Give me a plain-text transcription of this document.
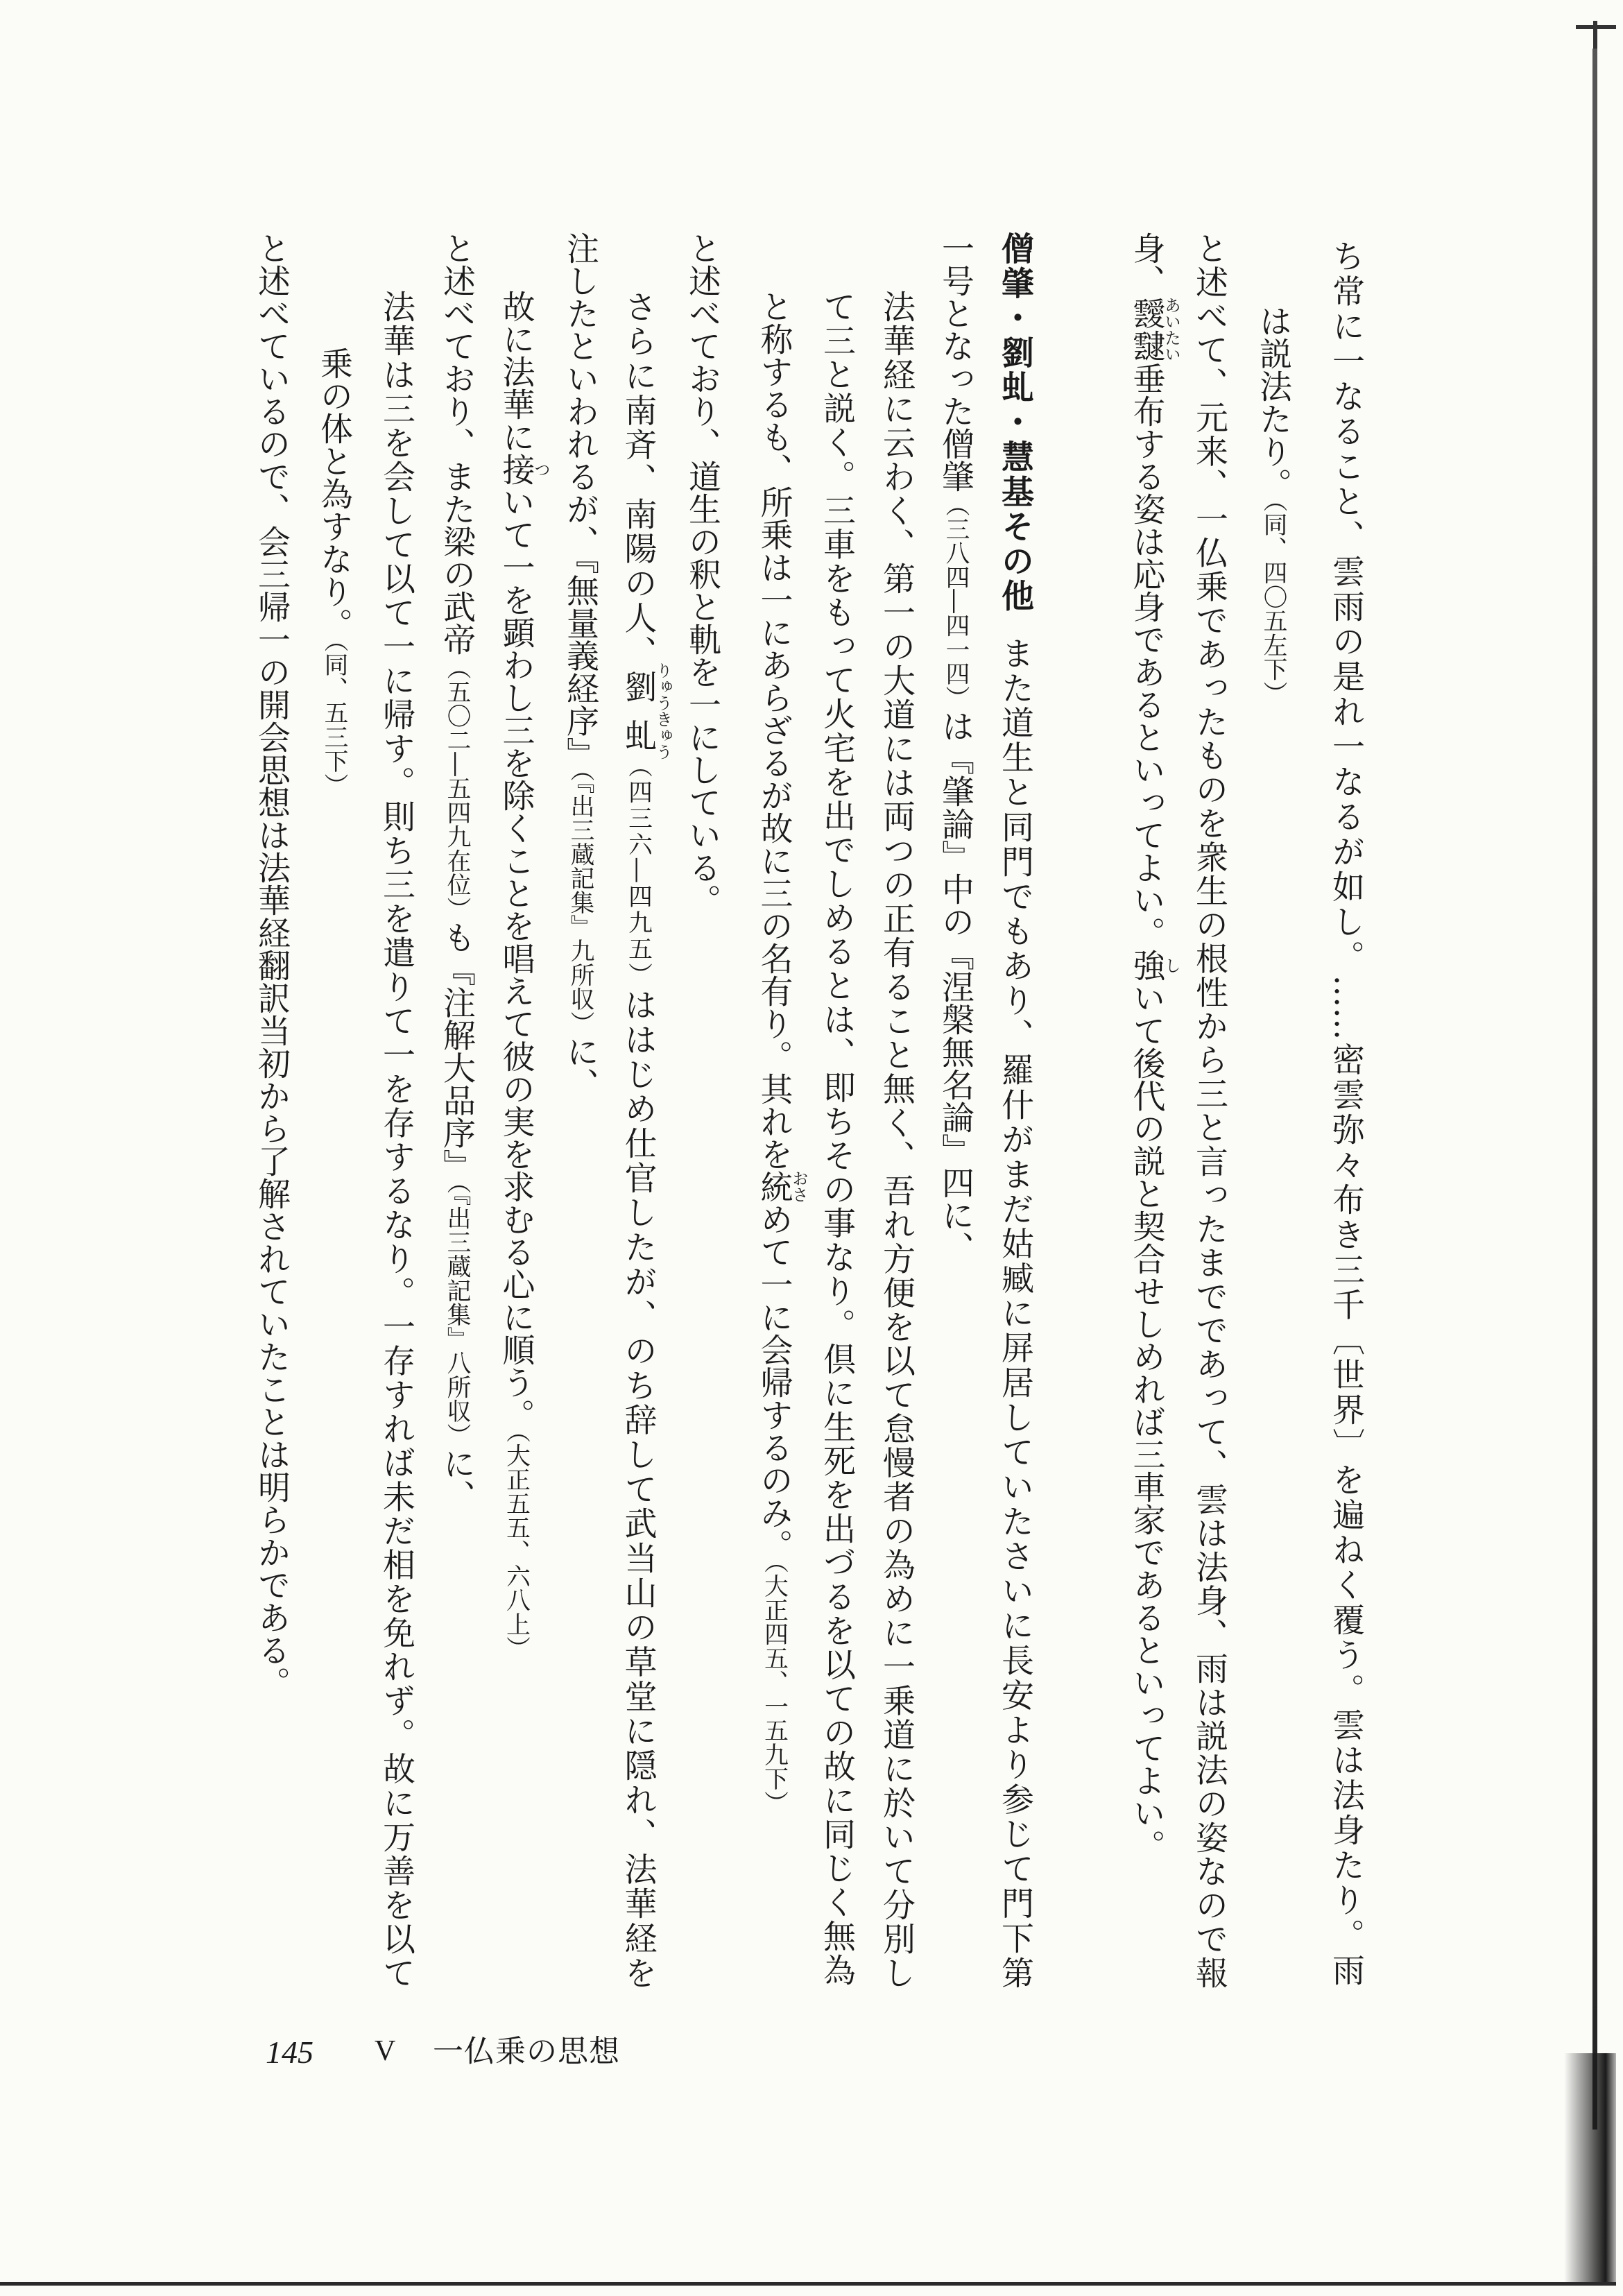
ち常に一なること、雲雨の是れ一なるが如し。……密雲弥々布き三千〔世界〕を遍ねく覆う。雲は法身たり。雨
は説法たり。（同、四〇五左下）
と述べて、元来、一仏乗であったものを衆生の根性から三と言ったまでであって、雲は法身、雨は説法の姿なので報
身、靉靆あいたい垂布する姿は応身であるといってよい。強しいて後代の説と契合せしめれば三車家であるといってよい。
僧肇・劉虬・慧基その他また道生と同門でもあり、羅什がまだ姑臧に屏居していたさいに長安より参じて門下第
一号となった僧肇（三八四―四一四）は『肇論』中の『涅槃無名論』四に、
法華経に云わく、第一の大道には両つの正有ること無く、吾れ方便を以て怠慢者の為めに一乗道に於いて分別し
て三と説く。三車をもって火宅を出でしめるとは、即ちその事なり。倶に生死を出づるを以ての故に同じく無為
と称するも、所乗は一にあらざるが故に三の名有り。其れを統おさめて一に会帰するのみ。（大正四五、一五九下）
と述べており、道生の釈と軌を一にしている。
さらに南斉、南陽の人、劉虬りゅうきゅう（四三六―四九五）ははじめ仕官したが、のち辞して武当山の草堂に隠れ、法華経を
注したといわれるが、『無量義経序』（『出三蔵記集』九所収）に、
故に法華に接ついて一を顕わし三を除くことを唱えて彼の実を求むる心に順う。（大正五五、六八上）
と述べており、また梁の武帝（五〇二―五四九在位）も『注解大品序』（『出三蔵記集』八所収）に、
法華は三を会して以て一に帰す。則ち三を遣りて一を存するなり。一存すれば未だ相を免れず。故に万善を以て
乗の体と為すなり。（同、五三下）
と述べているので、会三帰一の開会思想は法華経翻訳当初から了解されていたことは明らかである。
145 V 一仏乗の思想
